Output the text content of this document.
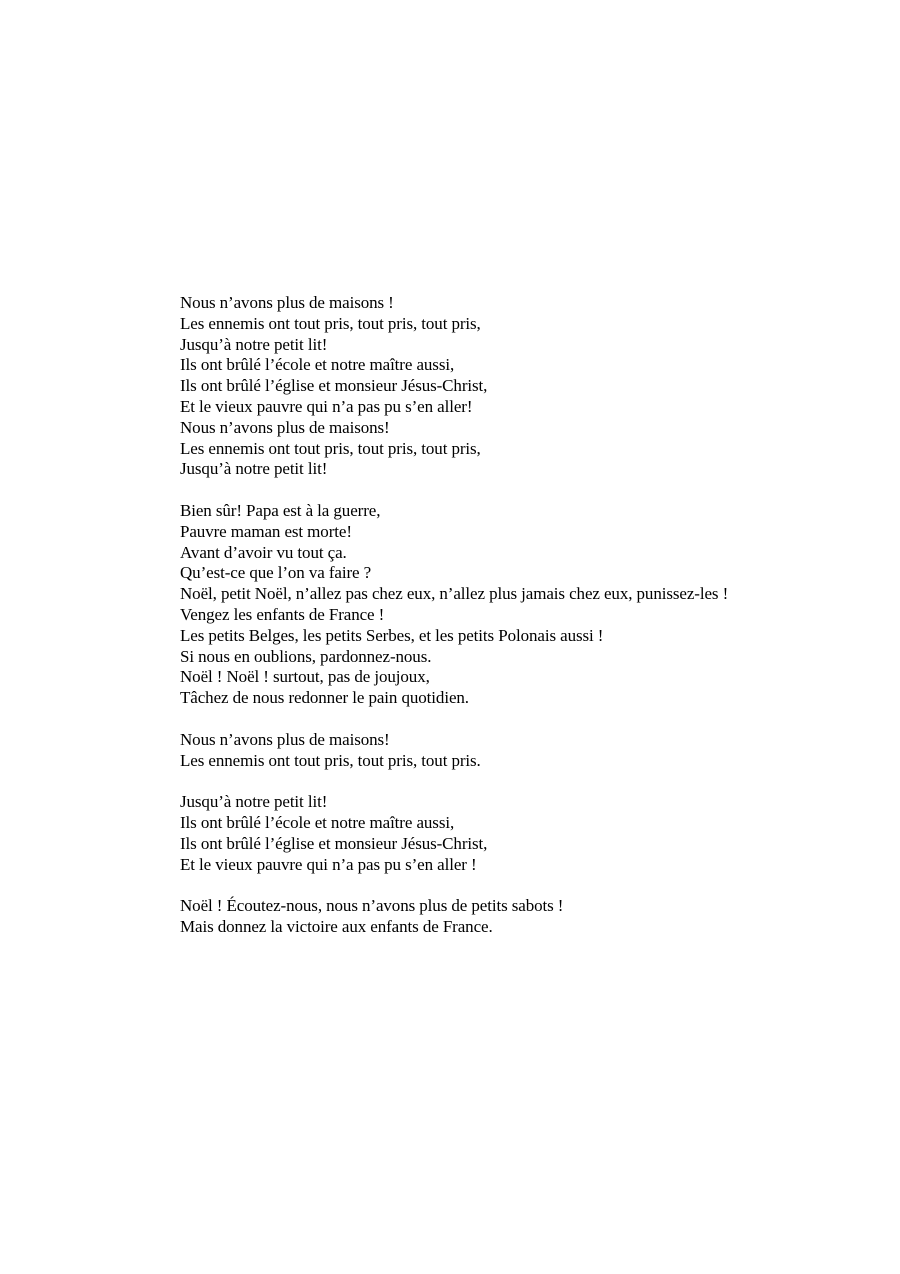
Nous n’avons plus de maisons !
Les ennemis ont tout pris, tout pris, tout pris,
Jusqu’à notre petit lit!
Ils ont brûlé l’école et notre maître aussi,
Ils ont brûlé l’église et monsieur Jésus-Christ,
Et le vieux pauvre qui n’a pas pu s’en aller!
Nous n’avons plus de maisons!
Les ennemis ont tout pris, tout pris, tout pris,
Jusqu’à notre petit lit!
Bien sûr! Papa est à la guerre,
Pauvre maman est morte!
Avant d’avoir vu tout ça.
Qu’est-ce que l’on va faire ?
Noël, petit Noël, n’allez pas chez eux, n’allez plus jamais chez eux, punissez-les !
Vengez les enfants de France !
Les petits Belges, les petits Serbes, et les petits Polonais aussi !
Si nous en oublions, pardonnez-nous.
Noël ! Noël ! surtout, pas de joujoux,
Tâchez de nous redonner le pain quotidien.
Nous n’avons plus de maisons!
Les ennemis ont tout pris, tout pris, tout pris.
Jusqu’à notre petit lit!
Ils ont brûlé l’école et notre maître aussi,
Ils ont brûlé l’église et monsieur Jésus-Christ,
Et le vieux pauvre qui n’a pas pu s’en aller !
Noël ! Écoutez-nous, nous n’avons plus de petits sabots !
Mais donnez la victoire aux enfants de France.
